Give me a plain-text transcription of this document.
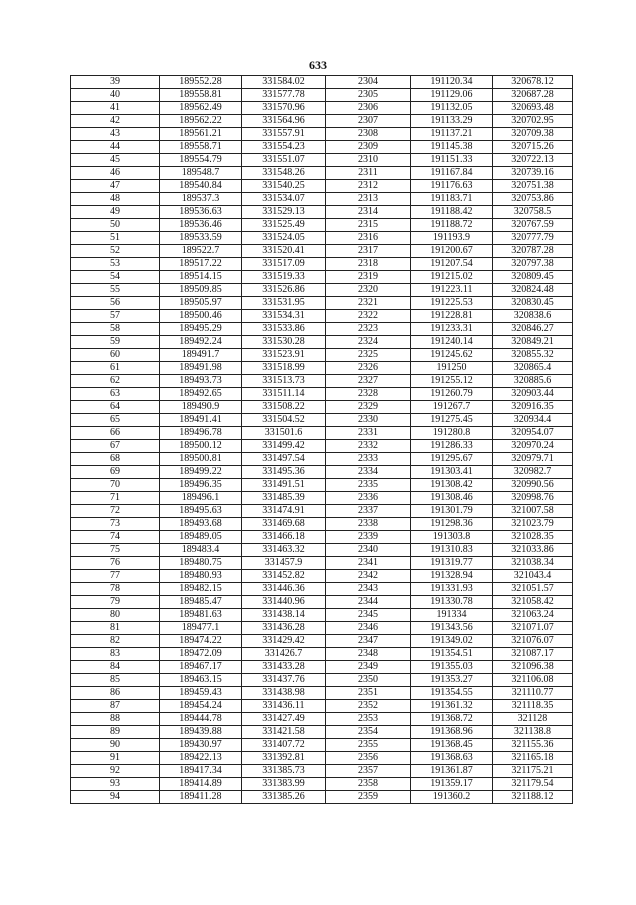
633
39	189552.28	331584.02	2304	191120.34	320678.12
40	189558.81	331577.78	2305	191129.06	320687.28
41	189562.49	331570.96	2306	191132.05	320693.48
42	189562.22	331564.96	2307	191133.29	320702.95
43	189561.21	331557.91	2308	191137.21	320709.38
44	189558.71	331554.23	2309	191145.38	320715.26
45	189554.79	331551.07	2310	191151.33	320722.13
46	189548.7	331548.26	2311	191167.84	320739.16
47	189540.84	331540.25	2312	191176.63	320751.38
48	189537.3	331534.07	2313	191183.71	320753.86
49	189536.63	331529.13	2314	191188.42	320758.5
50	189536.46	331525.49	2315	191188.72	320767.59
51	189533.59	331524.05	2316	191193.9	320777.79
52	189522.7	331520.41	2317	191200.67	320787.28
53	189517.22	331517.09	2318	191207.54	320797.38
54	189514.15	331519.33	2319	191215.02	320809.45
55	189509.85	331526.86	2320	191223.11	320824.48
56	189505.97	331531.95	2321	191225.53	320830.45
57	189500.46	331534.31	2322	191228.81	320838.6
58	189495.29	331533.86	2323	191233.31	320846.27
59	189492.24	331530.28	2324	191240.14	320849.21
60	189491.7	331523.91	2325	191245.62	320855.32
61	189491.98	331518.99	2326	191250	320865.4
62	189493.73	331513.73	2327	191255.12	320885.6
63	189492.65	331511.14	2328	191260.79	320903.44
64	189490.9	331508.22	2329	191267.7	320916.35
65	189491.41	331504.52	2330	191275.45	320934.4
66	189496.78	331501.6	2331	191280.8	320954.07
67	189500.12	331499.42	2332	191286.33	320970.24
68	189500.81	331497.54	2333	191295.67	320979.71
69	189499.22	331495.36	2334	191303.41	320982.7
70	189496.35	331491.51	2335	191308.42	320990.56
71	189496.1	331485.39	2336	191308.46	320998.76
72	189495.63	331474.91	2337	191301.79	321007.58
73	189493.68	331469.68	2338	191298.36	321023.79
74	189489.05	331466.18	2339	191303.8	321028.35
75	189483.4	331463.32	2340	191310.83	321033.86
76	189480.75	331457.9	2341	191319.77	321038.34
77	189480.93	331452.82	2342	191328.94	321043.4
78	189482.15	331446.36	2343	191331.93	321051.57
79	189485.47	331440.96	2344	191330.78	321058.42
80	189481.63	331438.14	2345	191334	321063.24
81	189477.1	331436.28	2346	191343.56	321071.07
82	189474.22	331429.42	2347	191349.02	321076.07
83	189472.09	331426.7	2348	191354.51	321087.17
84	189467.17	331433.28	2349	191355.03	321096.38
85	189463.15	331437.76	2350	191353.27	321106.08
86	189459.43	331438.98	2351	191354.55	321110.77
87	189454.24	331436.11	2352	191361.32	321118.35
88	189444.78	331427.49	2353	191368.72	321128
89	189439.88	331421.58	2354	191368.96	321138.8
90	189430.97	331407.72	2355	191368.45	321155.36
91	189422.13	331392.81	2356	191368.63	321165.18
92	189417.34	331385.73	2357	191361.87	321175.21
93	189414.89	331383.99	2358	191359.17	321179.54
94	189411.28	331385.26	2359	191360.2	321188.12
